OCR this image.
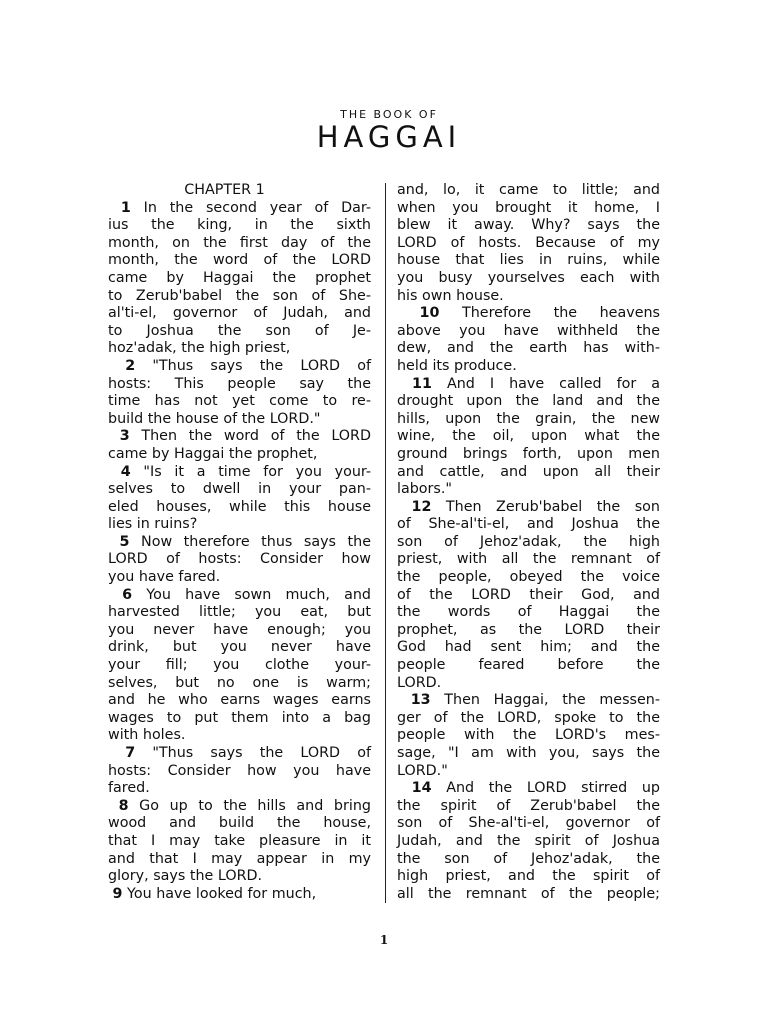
THE BOOK OF
HAGGAI
CHAPTER 1
1 In the second year of Dar-
ius the king, in the sixth
month, on the first day of the
month, the word of the LORD
came by Haggai the prophet
to Zerub'babel the son of She-
al'ti-el, governor of Judah, and
to Joshua the son of Je-
hoz'adak, the high priest,
2 "Thus says the LORD of
hosts: This people say the
time has not yet come to re-
build the house of the LORD."
3 Then the word of the LORD
came by Haggai the prophet,
4 "Is it a time for you your-
selves to dwell in your pan-
eled houses, while this house
lies in ruins?
5 Now therefore thus says the
LORD of hosts: Consider how
you have fared.
6 You have sown much, and
harvested little; you eat, but
you never have enough; you
drink, but you never have
your fill; you clothe your-
selves, but no one is warm;
and he who earns wages earns
wages to put them into a bag
with holes.
7 "Thus says the LORD of
hosts: Consider how you have
fared.
8 Go up to the hills and bring
wood and build the house,
that I may take pleasure in it
and that I may appear in my
glory, says the LORD.
9 You have looked for much,
and, lo, it came to little; and
when you brought it home, I
blew it away. Why? says the
LORD of hosts. Because of my
house that lies in ruins, while
you busy yourselves each with
his own house.
10 Therefore the heavens
above you have withheld the
dew, and the earth has with-
held its produce.
11 And I have called for a
drought upon the land and the
hills, upon the grain, the new
wine, the oil, upon what the
ground brings forth, upon men
and cattle, and upon all their
labors."
12 Then Zerub'babel the son
of She-al'ti-el, and Joshua the
son of Jehoz'adak, the high
priest, with all the remnant of
the people, obeyed the voice
of the LORD their God, and
the words of Haggai the
prophet, as the LORD their
God had sent him; and the
people feared before the
LORD.
13 Then Haggai, the messen-
ger of the LORD, spoke to the
people with the LORD's mes-
sage, "I am with you, says the
LORD."
14 And the LORD stirred up
the spirit of Zerub'babel the
son of She-al'ti-el, governor of
Judah, and the spirit of Joshua
the son of Jehoz'adak, the
high priest, and the spirit of
all the remnant of the people;
1
